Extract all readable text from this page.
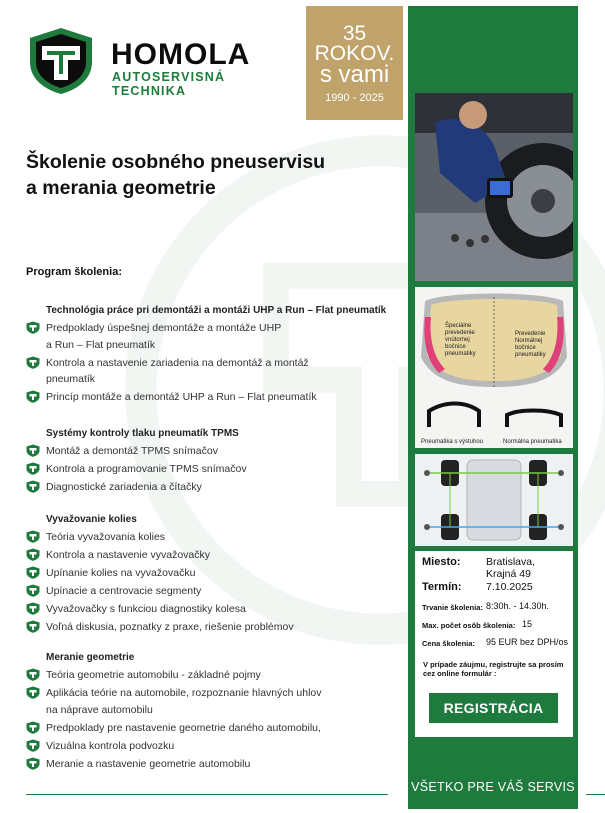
HOMOLA
AUTOSERVISNÁ TECHNIKA
35
ROKOV.
s vami
1990 - 2025
Školenie osobného pneuservisu
a merania geometrie
Program školenia:
Technológia práce pri demontáži a montáži UHP a Run – Flat pneumatík
Predpoklady úspešnej demontáže a montáže UHP
a Run – Flat pneumatík
Kontrola a nastavenie zariadenia na demontáž a montáž
pneumatík
Princíp montáže a demontáž UHP a Run – Flat pneumatík
Systémy kontroly tlaku pneumatík TPMS
Montáž a demontáž TPMS snímačov
Kontrola a programovanie TPMS snímačov
Diagnostické zariadenia a čítačky
Vyvažovanie kolies
Teória vyvažovania kolies
Kontrola a nastavenie vyvažovačky
Upínanie kolies na vyvažovačku
Upínacie a centrovacie segmenty
Vyvažovačky s funkciou diagnostiky kolesa
Voľná diskusia, poznatky z praxe, riešenie problémov
Meranie geometrie
Teória geometrie automobilu - základné pojmy
Aplikácia teórie na automobile, rozpoznanie hlavných uhlov
na náprave automobilu
Predpoklady pre nastavenie geometrie daného automobilu,
Vizuálna kontrola podvozku
Meranie a nastavenie geometrie automobilu
Špeciálne
prevedenie
vnútornej
bočnice
pneumatiky
Prevedenie
Normálnej
bočnice
pneumatiky
Pneumatika s výstuhou	Normálna pneumatika
Miesto: Bratislava,
Krajná 49
Termín: 7.10.2025
Trvanie školenia: 8:30h. - 14.30h.
Max. počet osôb školenia: 15
Cena školenia: 95 EUR bez DPH/os
V prípade záujmu, registrujte sa prosím cez online formulár :
REGISTRÁCIA
VŠETKO PRE VÁŠ SERVIS
